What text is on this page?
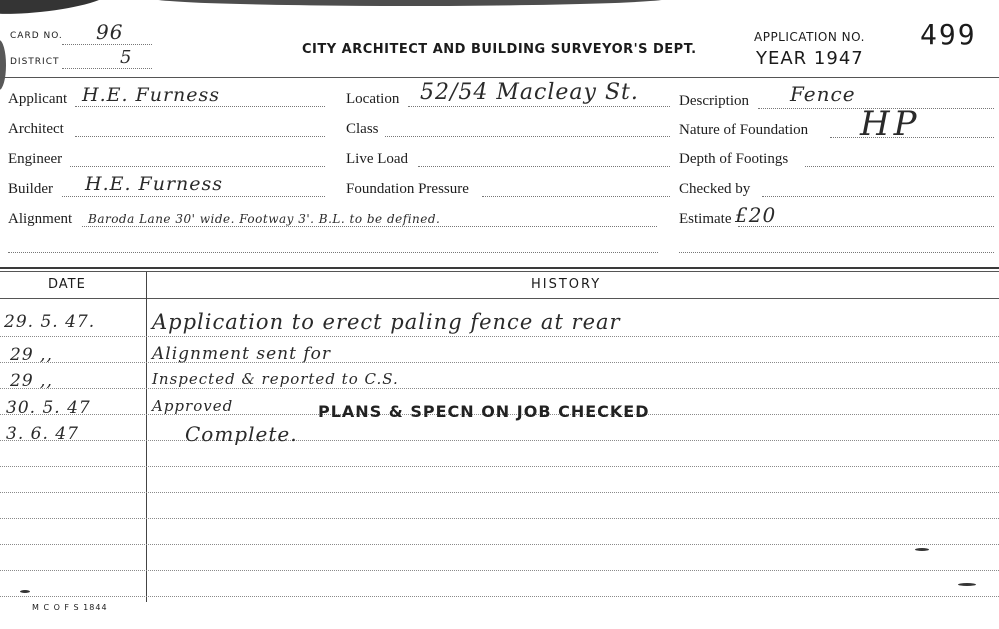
CARD NO. 96
DISTRICT	5	CITY ARCHITECT AND BUILDING SURVEYOR'S DEPT.
APPLICATION NO. 499
YEAR 1947
Applicant H.E. Furness
Architect
Engineer
Builder H.E. Furness
Alignment Baroda Lane 30' wide. Footway 3'. B.L. to be defined.
Location 52/54 Macleay St.
Class
Live Load
Foundation Pressure
Description Fence
Nature of Foundation HP
Depth of Footings
Checked by
Estimate £20
DATE	HISTORY
29. 5. 47.	Application to erect paling fence at rear
29 ,,	Alignment sent for
29 ,,	Inspected & reported to C.S.
30. 5. 47	Approved	PLANS & SPECN ON JOB CHECKED
3. 6. 47	Complete.
M C O F S 1844
